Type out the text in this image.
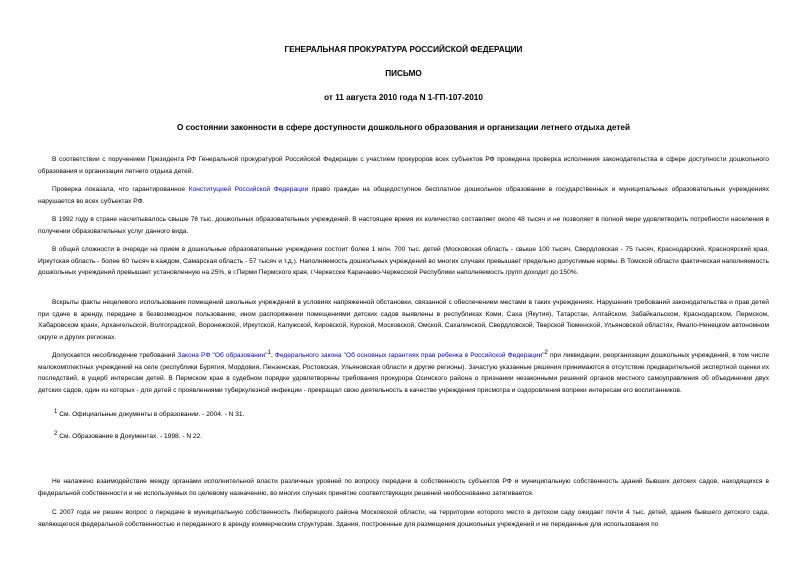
ГЕНЕРАЛЬНАЯ ПРОКУРАТУРА РОССИЙСКОЙ ФЕДЕРАЦИИ
ПИСЬМО
от 11 августа 2010 года N 1-ГП-107-2010
О состоянии законности в сфере доступности дошкольного образования и организации летнего отдыха детей

В соответствии с поручением Президента РФ Генеральной прокуратурой Российской Федерации с участием прокуроров всех субъектов РФ проведена проверка исполнения законодательства в сфере доступности дошкольного образования и организации летнего отдыха детей.

Проверка показала, что гарантированное Конституцией Российской Федерации право граждан на общедоступное бесплатное дошкольное образование в государственных и муниципальных образовательных учреждениях нарушается во всех субъектах РФ.

В 1992 году в стране насчитывалось свыше 76 тыс. дошкольных образовательных учреждений. В настоящее время их количество составляет около 48 тысяч и не позволяет в полной мере удовлетворить потребности населения в получении образовательных услуг данного вида.

В общей сложности в очереди на прием в дошкольные образовательные учреждения состоит более 1 млн. 700 тыс. детей (Московская область - свыше 100 тысяч, Свердловская - 75 тысяч, Краснодарский, Красноярский края, Иркутская область - более 60 тысяч в каждом, Самарская область - 57 тысяч и т.д.). Наполняемость дошкольных учреждений во многих случаях превышает предельно допустимые нормы. В Томской области фактическая наполняемость дошкольных учреждений превышает установленную на 25%, в г.Перми Пермского края, г.Черкесске Карачаево-Черкесской Республики наполняемость групп доходит до 150%.

Вскрыты факты нецелевого использования помещений школьных учреждений в условиях напряженной обстановки, связанной с обеспечением местами в таких учреждениях. Нарушения требований законодательства и прав детей при сдаче в аренду, передаче в безвозмездное пользование, ином распоряжении помещениями детских садов выявлены в республиках Коми, Саха (Якутия), Татарстан, Алтайском, Забайкальском, Краснодарском, Пермском, Хабаровском краях, Архангельской, Волгоградской, Воронежской, Иркутской, Калужской, Кировской, Курской, Московской, Омской, Сахалинской, Свердловской, Тверской Тюменской, Ульяновской областях, Ямало-Ненецком автономном округе и других регионах.

Допускается несоблюдение требований Закона РФ "Об образовании"1, Федерального закона "Об основных гарантиях прав ребенка в Российской Федерации"2 при ликвидации, реорганизации дошкольных учреждений, в том числе малокомплектных учреждений на селе (республики Бурятия, Мордовия, Пензенская, Ростовская, Ульяновская области и другие регионы). Зачастую указанные решения принимаются в отсутствие предварительной экспертной оценки их последствий, в ущерб интересам детей. В Пермском крае в судебном порядке удовлетворены требования прокурора Осинского района о признании незаконными решений органов местного самоуправления об объединении двух детских садов, один из которых - для детей с проявлениями туберкулезной инфекции - прекращал свою деятельность в качестве учреждения присмотра и оздоровления вопреки интересам его воспитанников.

1 См. Официальные документы в образовании. - 2004. - N 31.
2 См. Образование в Документах. - 1998. - N 22.

Не налажено взаимодействие между органами исполнительной власти различных уровней по вопросу передачи в собственность субъектов РФ и муниципальную собственность зданий бывших детских садов, находящихся в федеральной собственности и не используемых по целевому назначению, во многих случаях принятие соответствующих решений необоснованно затягивается.

С 2007 года не решен вопрос о передаче в муниципальную собственность Люберецкого района Московской области, на территории которого место в детском саду ожидает почти 4 тыс. детей, здания бывшего детского сада, являющегося федеральной собственностью и переданного в аренду коммерческим структурам. Здания, построенные для размещения дошкольных учреждений и не переданные для использования по
